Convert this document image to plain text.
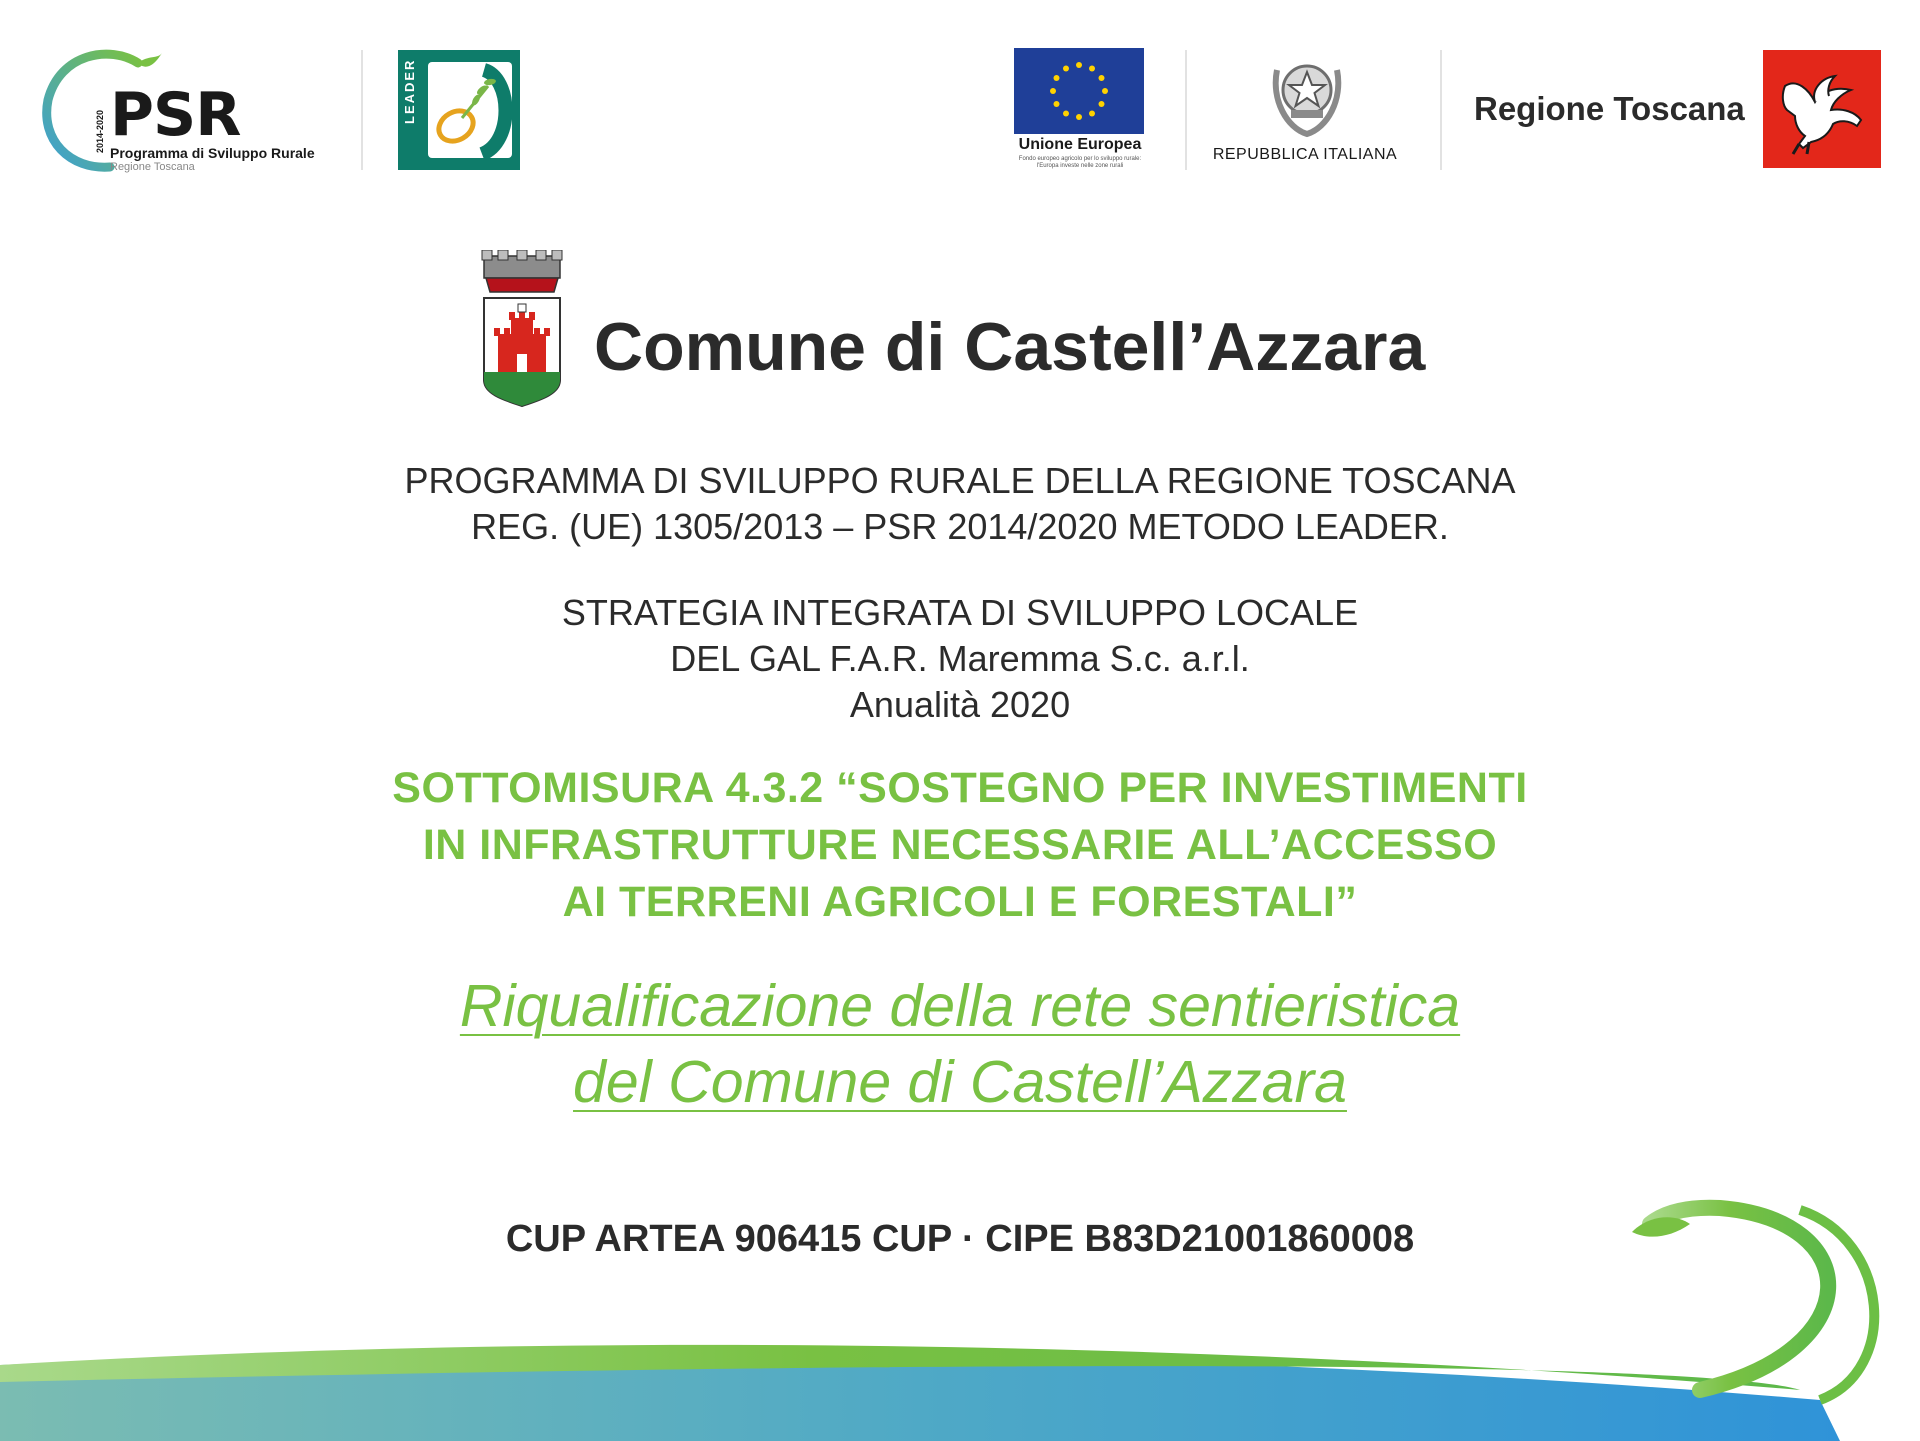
2014-2020 PSR
Programma di Sviluppo Rurale
Regione Toscana
LEADER
Unione Europea
Fondo europeo agricolo per lo sviluppo rurale:
l'Europa investe nelle zone rurali
REPUBBLICA ITALIANA
Regione Toscana
Comune di Castell’Azzara
PROGRAMMA DI SVILUPPO RURALE DELLA REGIONE TOSCANA
REG. (UE) 1305/2013 – PSR 2014/2020 METODO LEADER.
STRATEGIA INTEGRATA DI SVILUPPO LOCALE
DEL GAL F.A.R. Maremma S.c. a.r.l.
Anualità 2020
SOTTOMISURA 4.3.2 “SOSTEGNO PER INVESTIMENTI
IN INFRASTRUTTURE NECESSARIE ALL’ACCESSO
AI TERRENI AGRICOLI E FORESTALI”
Riqualificazione della rete sentieristica
del Comune di Castell’Azzara
CUP ARTEA 906415 CUP · CIPE B83D21001860008
